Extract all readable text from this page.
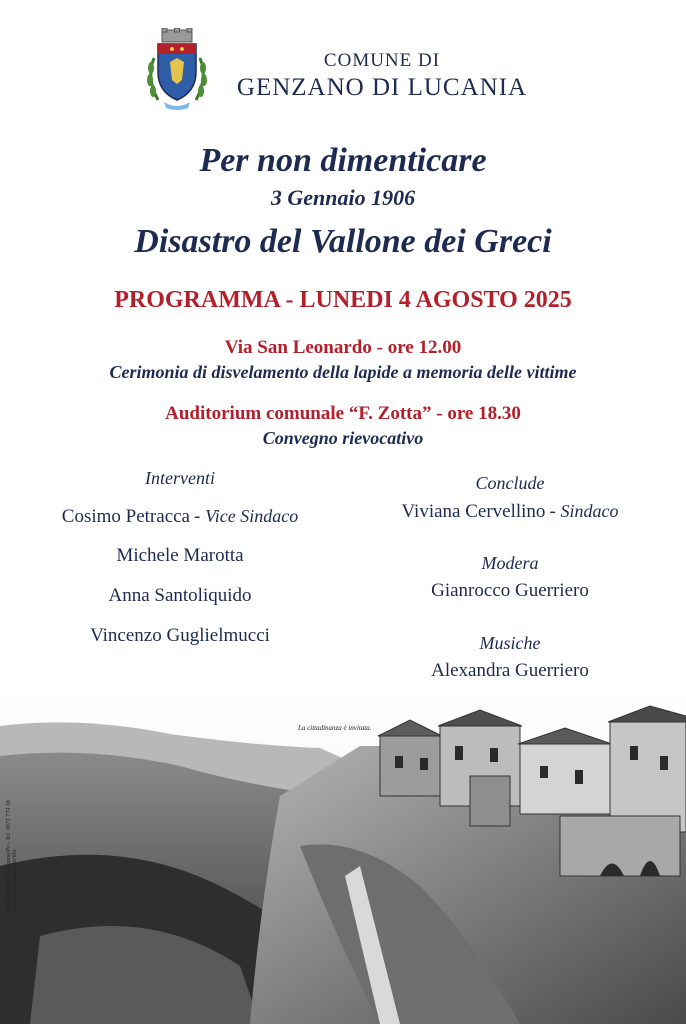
COMUNE DI
GENZANO DI LUCANIA
Per non dimenticare
3 Gennaio 1906
Disastro del Vallone dei Greci
PROGRAMMA - LUNEDI 4 AGOSTO 2025
Via San Leonardo - ore 12.00
Cerimonia di disvelamento della lapide a memoria delle vittime
Auditorium comunale “F. Zotta” - ore 18.30
Convegno rievocativo
Interventi
Cosimo Petracca - Vice Sindaco
Michele Marotta
Anna Santoliquido
Vincenzo Guglielmucci
Conclude
Viviana Cervellino - Sindaco
Modera
Gianrocco Guerriero
Musiche
Alexandra Guerriero
La cittadinanza è invitata.
Tip. Mazzarelli Genzano/Pz - Tel. 0971 774 18 Foto di Francesco Perillo
